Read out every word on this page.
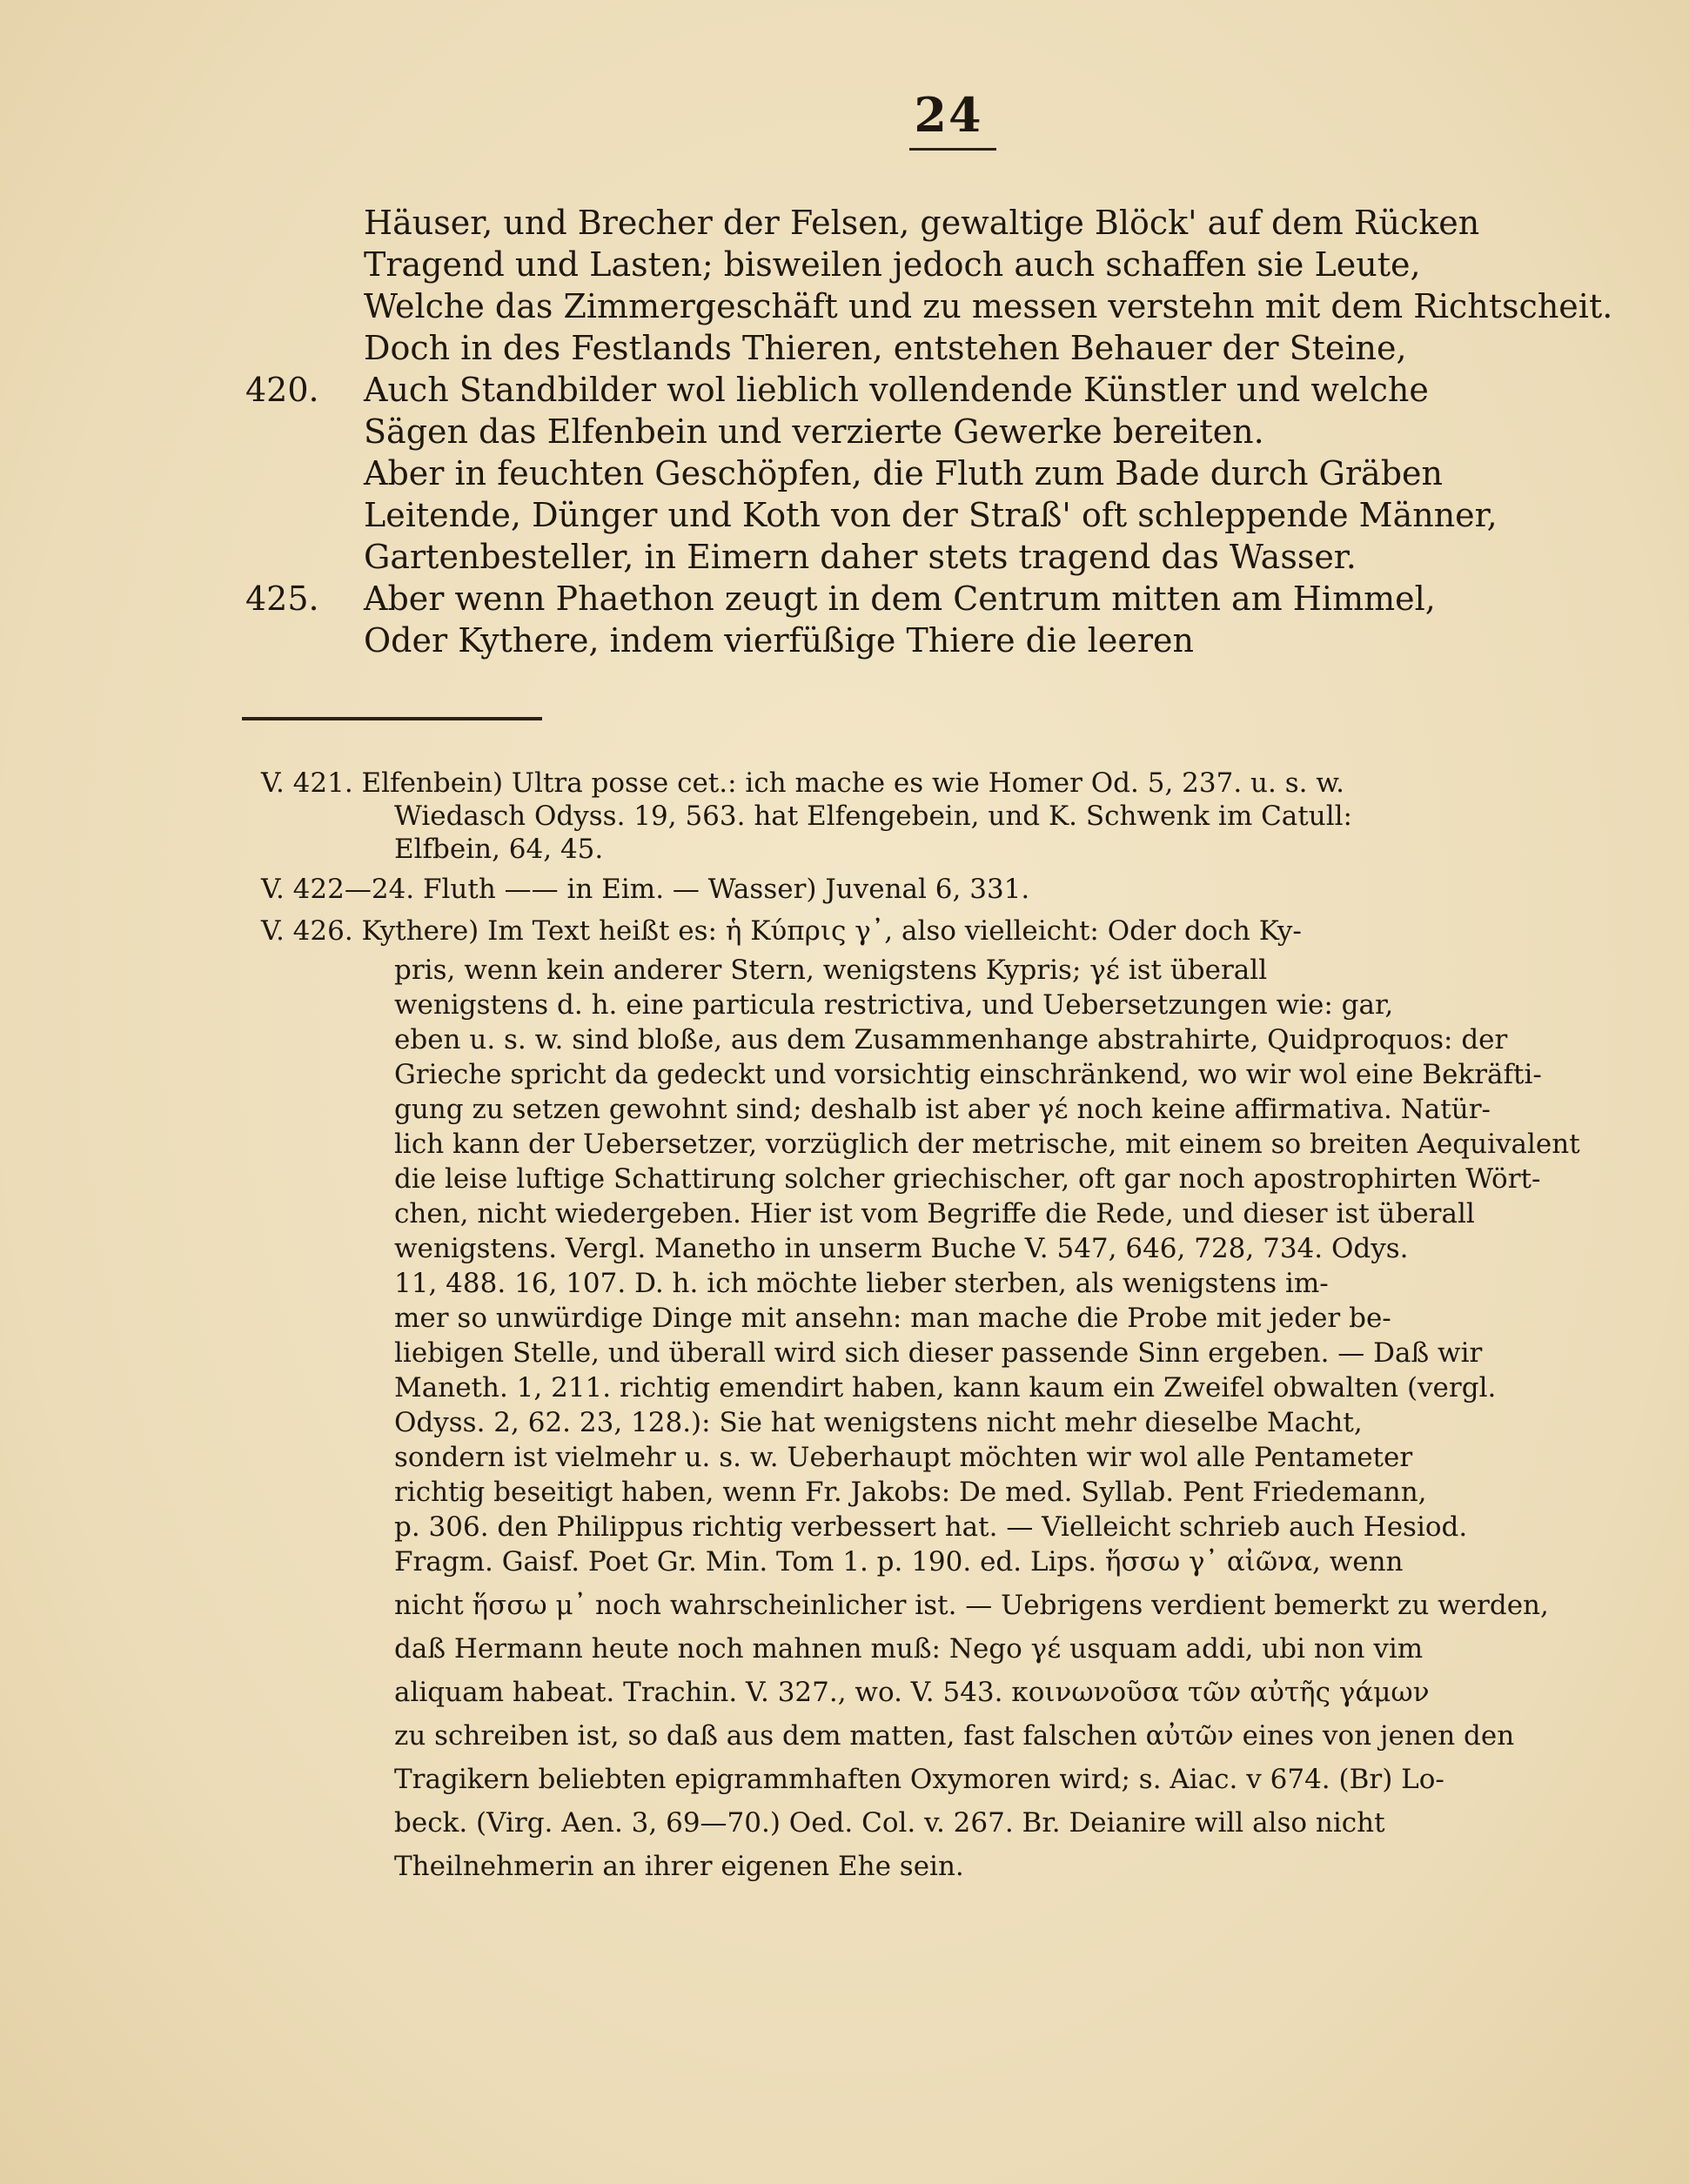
24
Häuser, und Brecher der Felsen, gewaltige Blöck' auf dem Rücken
Tragend und Lasten; bisweilen jedoch auch schaffen sie Leute,
Welche das Zimmergeschäft und zu messen verstehn mit dem Richtscheit.
Doch in des Festlands Thieren, entstehen Behauer der Steine,
420. Auch Standbilder wol lieblich vollendende Künstler und welche
Sägen das Elfenbein und verzierte Gewerke bereiten.
Aber in feuchten Geschöpfen, die Fluth zum Bade durch Gräben
Leitende, Dünger und Koth von der Straß' oft schleppende Männer,
Gartenbesteller, in Eimern daher stets tragend das Wasser.
425. Aber wenn Phaethon zeugt in dem Centrum mitten am Himmel,
Oder Kythere, indem vierfüßige Thiere die leeren
V. 421. Elfenbein) Ultra posse cet.: ich mache es wie Homer Od. 5, 237. u. s. w.
Wiedasch Odyss. 19, 563. hat Elfengebein, und K. Schwenk im Catull:
Elfbein, 64, 45.
V. 422—24. Fluth —— in Eim. — Wasser) Juvenal 6, 331.
V. 426. Kythere) Im Text heißt es: ἡ Κύπρις γ᾽, also vielleicht: Oder doch Ky-
pris, wenn kein anderer Stern, wenigstens Kypris; γέ ist überall
wenigstens d. h. eine particula restrictiva, und Uebersetzungen wie: gar,
eben u. s. w. sind bloße, aus dem Zusammenhange abstrahirte, Quidproquos: der
Grieche spricht da gedeckt und vorsichtig einschränkend, wo wir wol eine Bekräfti-
gung zu setzen gewohnt sind; deshalb ist aber γέ noch keine affirmativa. Natür-
lich kann der Uebersetzer, vorzüglich der metrische, mit einem so breiten Aequivalent
die leise luftige Schattirung solcher griechischer, oft gar noch apostrophirten Wört-
chen, nicht wiedergeben. Hier ist vom Begriffe die Rede, und dieser ist überall
wenigstens. Vergl. Manetho in unserm Buche V. 547, 646, 728, 734. Odys.
11, 488. 16, 107. D. h. ich möchte lieber sterben, als wenigstens im-
mer so unwürdige Dinge mit ansehn: man mache die Probe mit jeder be-
liebigen Stelle, und überall wird sich dieser passende Sinn ergeben. — Daß wir
Maneth. 1, 211. richtig emendirt haben, kann kaum ein Zweifel obwalten (vergl.
Odyss. 2, 62. 23, 128.): Sie hat wenigstens nicht mehr dieselbe Macht,
sondern ist vielmehr u. s. w. Ueberhaupt möchten wir wol alle Pentameter
richtig beseitigt haben, wenn Fr. Jakobs: De med. Syllab. Pent Friedemann,
p. 306. den Philippus richtig verbessert hat. — Vielleicht schrieb auch Hesiod.
Fragm. Gaisf. Poet Gr. Min. Tom 1. p. 190. ed. Lips. ἥσσω γ᾽ αἰῶνα, wenn
nicht ἥσσω μ᾽ noch wahrscheinlicher ist. — Uebrigens verdient bemerkt zu werden,
daß Hermann heute noch mahnen muß: Nego γέ usquam addi, ubi non vim
aliquam habeat. Trachin. V. 327., wo. V. 543. κοινωνοῦσα τῶν αὐτῆς γάμων
zu schreiben ist, so daß aus dem matten, fast falschen αὐτῶν eines von jenen den
Tragikern beliebten epigrammhaften Oxymoren wird; s. Aiac. v 674. (Br) Lo-
beck. (Virg. Aen. 3, 69—70.) Oed. Col. v. 267. Br. Deianire will also nicht
Theilnehmerin an ihrer eigenen Ehe sein.
